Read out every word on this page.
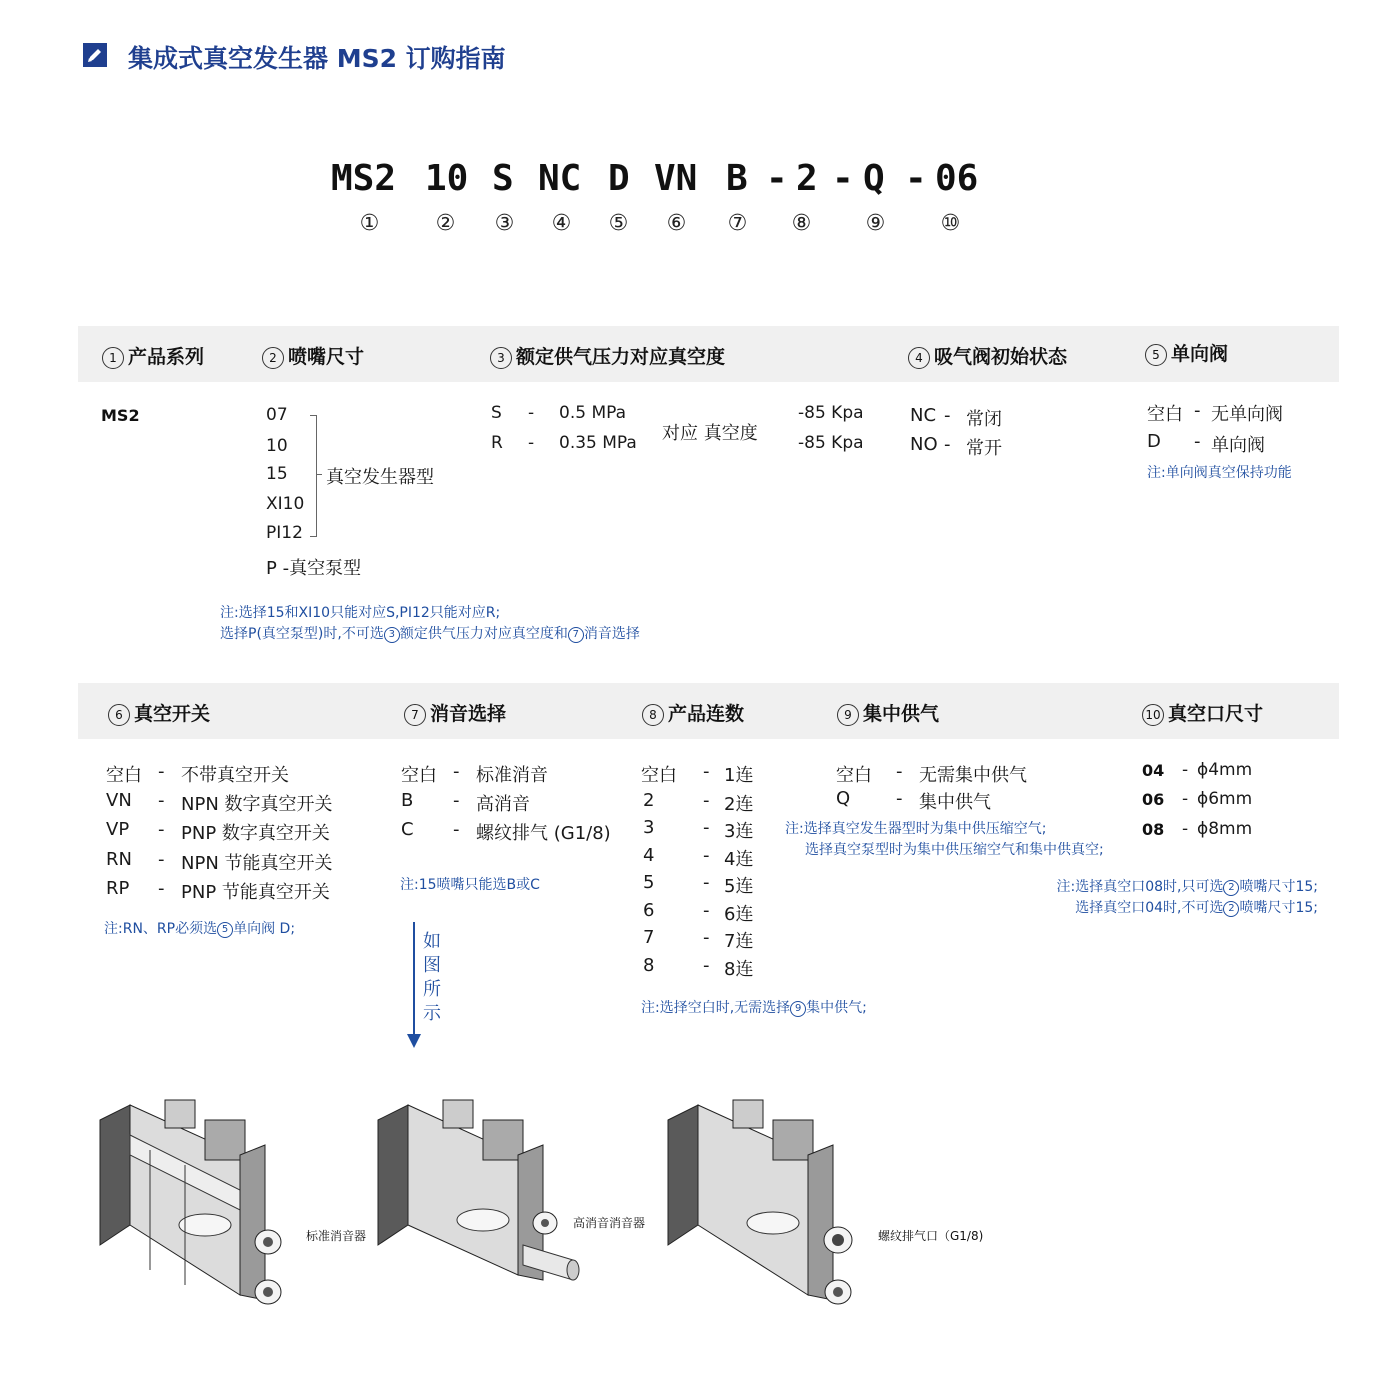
集成式真空发生器 MS2 订购指南
MS2 10 S NC D VN B - 2 - Q - 06
①	② ③ ④ ⑤ ⑥ ⑦ ⑧ ⑨	⑩
1 产品系列	2 喷嘴尺寸	3 额定供气压力对应真空度	4 吸气阀初始状态	5 单向阀
MS2	07
10
15
XI10
PI12
真空发生器型
P -真空泵型
S - 0.5 MPa	-85 Kpa
R - 0.35 MPa	-85 Kpa
对应 真空度
NC - 常闭
NO - 常开
空白 - 无单向阀
D - 单向阀
注:单向阀真空保持功能
注:选择15和XI10只能对应S,PI12只能对应R;
选择P(真空泵型)时,不可选 3 额定供气压力对应真空度和 7 消音选择
6 真空开关	7 消音选择	8 产品连数	9 集中供气	10 真空口尺寸
空白 - 不带真空开关
VN - NPN 数字真空开关
VP - PNP 数字真空开关
RN - NPN 节能真空开关
RP - PNP 节能真空开关
注:RN、RP必须选 5 单向阀 D;
空白 - 标准消音
B - 高消音
C - 螺纹排气 (G1/8)
注:15喷嘴只能选B或C
如图所示
空白 - 1连
2	- 2连
3	- 3连
4	- 4连
5	- 5连
6	- 6连
7	- 7连
8	- 8连
注:选择空白时,无需选择 9 集中供气;
空白 - 无需集中供气
Q	- 集中供气
注:选择真空发生器型时为集中供压缩空气;
选择真空泵型时为集中供压缩空气和集中供真空;
04 - ϕ4mm
06 - ϕ6mm
08 - ϕ8mm
注:选择真空口08时,只可选 2 喷嘴尺寸15;
选择真空口04时,不可选 2 喷嘴尺寸15;
标准消音器
高消音消音器
螺纹排气口（G1/8)
